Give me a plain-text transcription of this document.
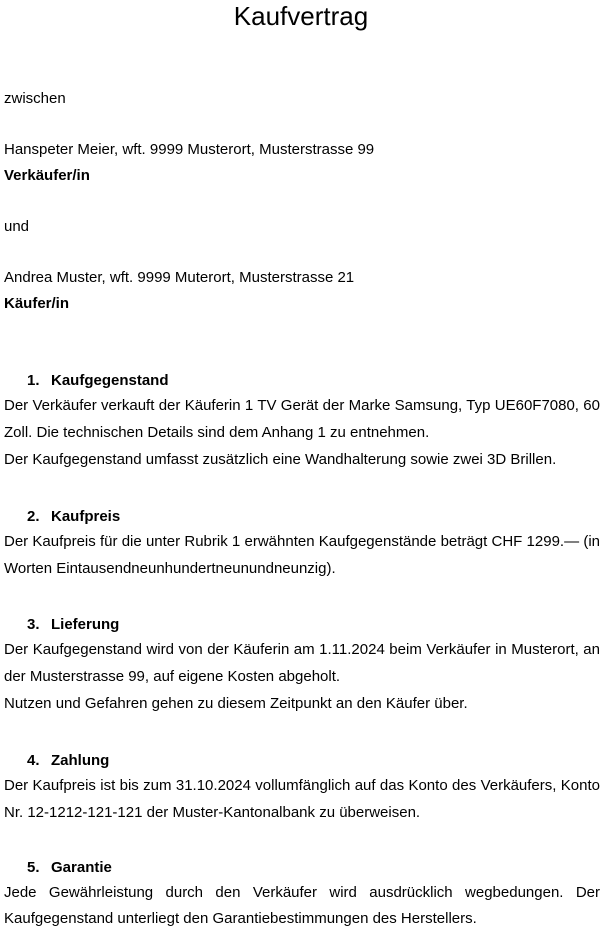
Kaufvertrag
zwischen
Hanspeter Meier, wft. 9999 Musterort, Musterstrasse 99
Verkäufer/in
und
Andrea Muster, wft. 9999 Muterort, Musterstrasse 21
Käufer/in
1. Kaufgegenstand
Der Verkäufer verkauft der Käuferin 1 TV Gerät der Marke Samsung, Typ UE60F7080, 60
Zoll. Die technischen Details sind dem Anhang 1 zu entnehmen.
Der Kaufgegenstand umfasst zusätzlich eine Wandhalterung sowie zwei 3D Brillen.
2. Kaufpreis
Der Kaufpreis für die unter Rubrik 1 erwähnten Kaufgegenstände beträgt CHF 1299.— (in
Worten Eintausendneunhundertneunundneunzig).
3. Lieferung
Der Kaufgegenstand wird von der Käuferin am 1.11.2024 beim Verkäufer in Musterort, an
der Musterstrasse 99, auf eigene Kosten abgeholt.
Nutzen und Gefahren gehen zu diesem Zeitpunkt an den Käufer über.
4. Zahlung
Der Kaufpreis ist bis zum 31.10.2024 vollumfänglich auf das Konto des Verkäufers, Konto
Nr. 12-1212-121-121 der Muster-Kantonalbank zu überweisen.
5. Garantie
Jede Gewährleistung durch den Verkäufer wird ausdrücklich wegbedungen. Der
Kaufgegenstand unterliegt den Garantiebestimmungen des Herstellers.
